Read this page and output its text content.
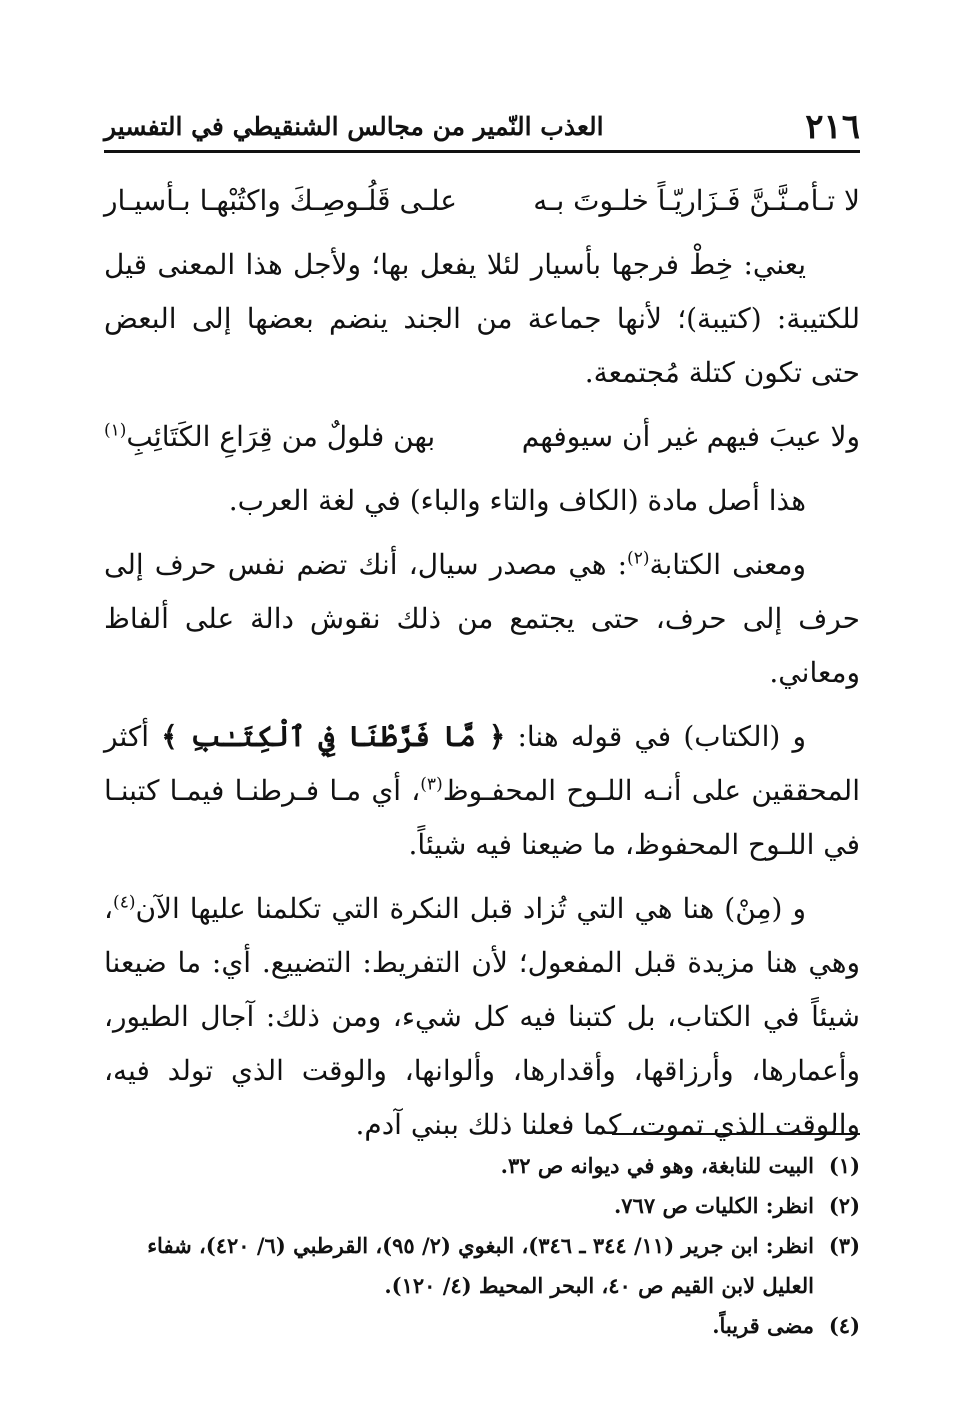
٢١٦
العذب النّمير من مجالس الشنقيطي في التفسير
لا تـأمـنَّـنَّ فَـزَاريّـاً خلـوتَ بـه
علـى قَلُـوصِـكَ واكتُبْهـا بـأسيـار

يعني: خِطْ فرجها بأسيار لئلا يفعل بها؛ ولأجل هذا المعنى قيل للكتيبة: (كتيبة)؛ لأنها جماعة من الجند ينضم بعضها إلى البعض حتى تكون كتلة مُجتمعة.

ولا عيبَ فيهم غير أن سيوفهم
بهن فلولٌ من قِرَاعِ الكَتَائِبِ$^{(١)}$

هذا أصل مادة (الكاف والتاء والباء) في لغة العرب.

ومعنى الكتابة$^{(٢)}$: هي مصدر سيال، أنك تضم نفس حرف إلى حرف إلى حرف، حتى يجتمع من ذلك نقوش دالة على ألفاظ ومعاني.

و (الكتاب) في قوله هنا: ﴿ مَّا فَرَّطْنَا فِي ٱلْكِتَـٰبِ ﴾ أكثر المحققين على أنـه اللـوح المحفـوظ$^{(٣)}$، أي مـا فـرطنـا فيمـا كتبنـا في اللـوح المحفوظ، ما ضيعنا فيه شيئاً.

و (مِنْ) هنا هي التي تُزاد قبل النكرة التي تكلمنا عليها الآن$^{(٤)}$، وهي هنا مزيدة قبل المفعول؛ لأن التفريط: التضييع. أي: ما ضيعنا شيئاً في الكتاب، بل كتبنا فيه كل شيء، ومن ذلك: آجال الطيور، وأعمارها، وأرزاقها، وأقدارها، وألوانها، والوقت الذي تولد فيه، والوقت الذي تموت، كما فعلنا ذلك ببني آدم.

(١)
البيت للنابغة، وهو في ديوانه ص ٣٢.
(٢)
انظر: الكليات ص ٧٦٧.
(٣)
انظر: ابن جرير (١١/ ٣٤٤ ـ ٣٤٦)، البغوي (٢/ ٩٥)، القرطبي (٦/ ٤٢٠)، شفاء العليل لابن القيم ص ٤٠، البحر المحيط (٤/ ١٢٠).
(٤)
مضى قريباً.
